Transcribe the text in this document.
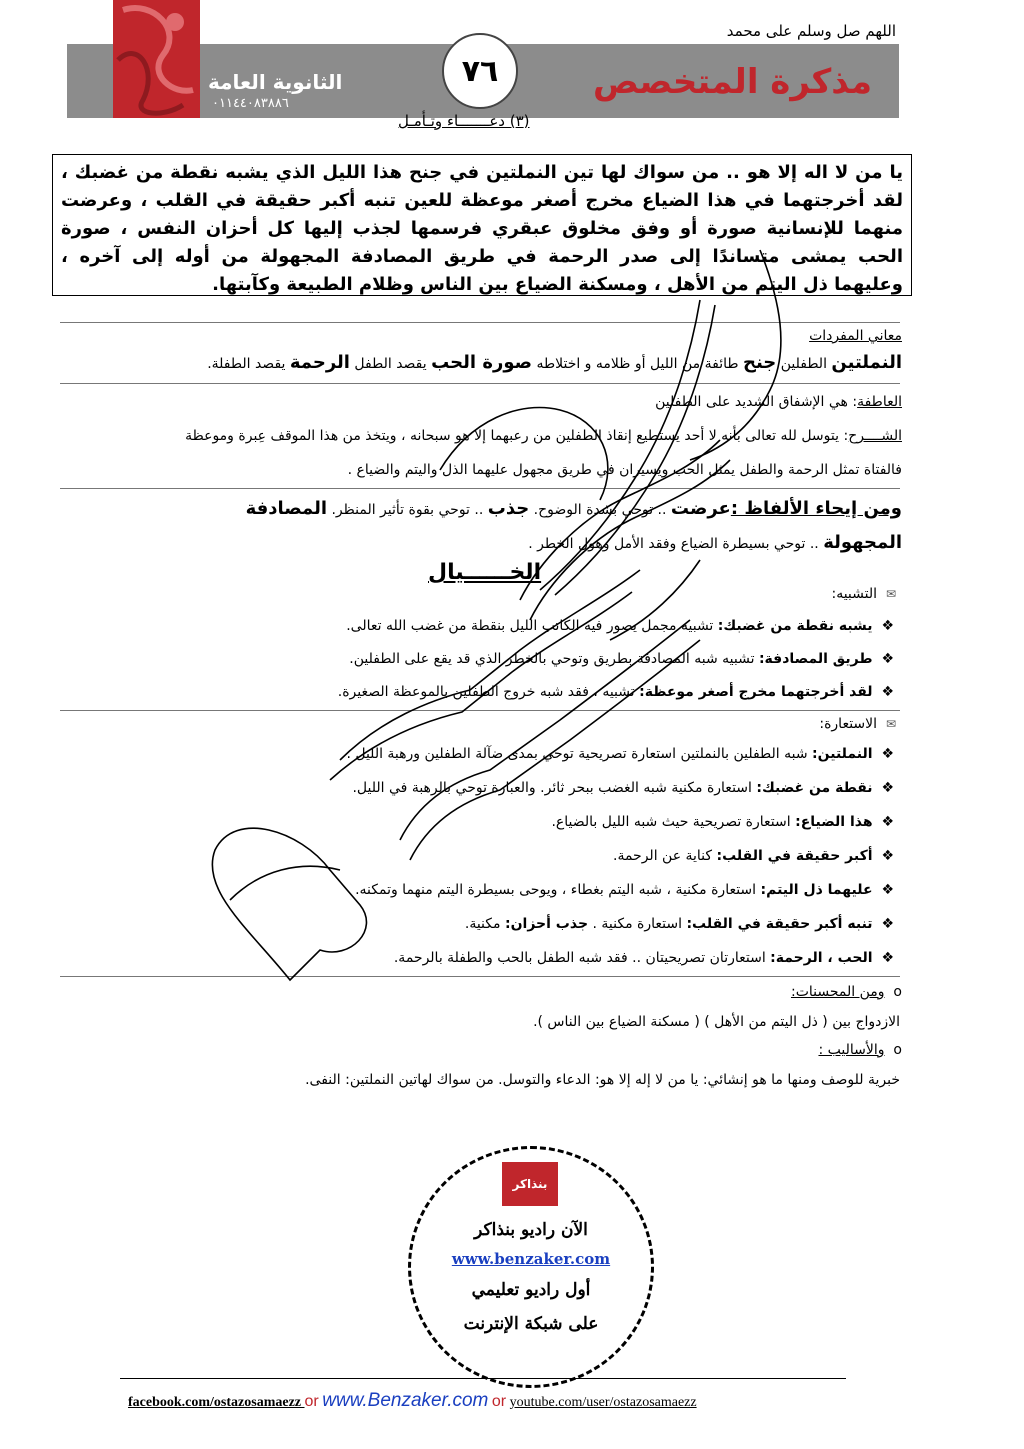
اللهم صل وسلم على محمد
٧٦	مذكرة المتخصص
الثانوية العامة
٠١١٤٤٠٨٣٨٨٦
(٣) دعـــــــاء وتـأمـل
يا من لا اله إلا هو .. من سواك لها تين النملتين في جنح هذا الليل الذي يشبه نقطة من غضبك ، لقد أخرجتهما في هذا الضياع مخرج أصغر موعظة للعين تنبه أكبر حقيقة في القلب ، وعرضت منهما للإنسانية صورة أو وفق مخلوق عبقري فرسمها لجذب إليها كل أحزان النفس ، صورة الحب يمشى متساندًا إلى صدر الرحمة في طريق المصادفة المجهولة من أوله إلى آخره ، وعليهما ذل اليتم من الأهل ، ومسكنة الضياع بين الناس وظلام الطبيعة وكآبتها.
معاني المفردات
النملتين الطفلين جنح طائفة من الليل أو ظلامه و اختلاطه صورة الحب يقصد الطفل الرحمة يقصد الطفلة.
العاطفة: هي الإشفاق الشديد على الطفلين
الشــــرح: يتوسل لله تعالى بأنه لا أحد يستطيع إنقاذ الطفلين من رعبهما إلا هو سبحانه ، ويتخذ من هذا الموقف عِبرة وموعظة
فالفتاة تمثل الرحمة والطفل يمثل الحب ويسيران في طريق مجهول عليهما الذل واليتم والضياع .
ومن إيحاء الألفاظ :عرضت .. توحي بشدة الوضوح. جذب .. توحي بقوة تأثير المنظر. المصادفة
المجهولة .. توحي بسيطرة الضياع وفقد الأمل وهول الخطر .
الخــــــيال
✉  التشبيه:
❖  يشبه نقطة من غضبك: تشبيه مجمل يصور فيه الكاتب الليل بنقطة من غضب الله تعالى.
❖  طريق المصادفة: تشبيه شبه المصادفة بطريق وتوحي بالخطر الذي قد يقع على الطفلين.
❖  لقد أخرجتهما مخرج أصغر موعظة: تشبيه ، فقد شبه خروج الطفلين بالموعظة الصغيرة.
✉  الاستعارة:
❖  النملتين: شبه الطفلين بالنملتين استعارة تصريحية توحي بمدى ضآلة الطفلين ورهبة الليل .
❖  نقطة من غضبك: استعارة مكنية شبه الغضب ببحر ثائر. والعبارة توحي بالرهبة في الليل.
❖  هذا الضياع: استعارة تصريحية حيث شبه الليل بالضياع.
❖  أكبر حقيقة في القلب: كناية عن الرحمة.
❖  عليهما ذل اليتم: استعارة مكنية ، شبه اليتم بغطاء ، ويوحى بسيطرة اليتم منهما وتمكنه.
❖  تنبه أكبر حقيقة في القلب: استعارة مكنية . جذب أحزان: مكنية.
❖  الحب ، الرحمة: استعارتان تصريحيتان .. فقد شبه الطفل بالحب والطفلة بالرحمة.
o  ومن المحسنات:
الازدواج بين ( ذل اليتم من الأهل ) ( مسكنة الضياع بين الناس ).
o  والأساليب :
خبرية للوصف ومنها ما هو إنشائي: يا من لا إله إلا هو: الدعاء والتوسل. من سواك لهاتين النملتين: النفى.
بنذاكر
الآن راديو بنذاكر
www.benzaker.com
أول راديو تعليمي
على شبكة الإنترنت
facebook.com/ostazosamaezz or www.Benzaker.com or youtube.com/user/ostazosamaezz
